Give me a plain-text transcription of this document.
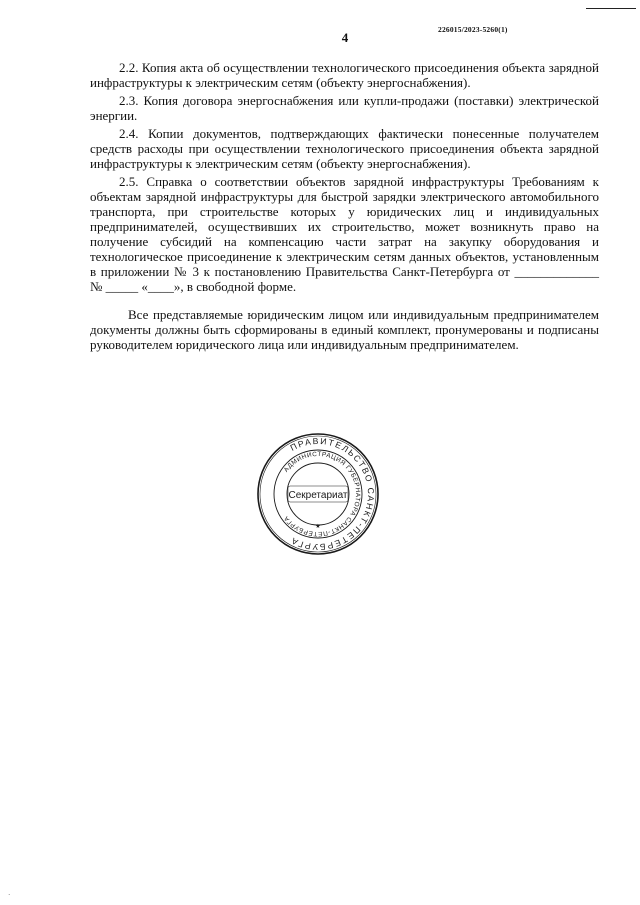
226015/2023-5260(1)
4

2.2. Копия акта об осуществлении технологического присоединения объекта зарядной инфраструктуры к электрическим сетям (объекту энергоснабжения).

2.3. Копия договора энергоснабжения или купли-продажи (поставки) электрической энергии.

2.4. Копии документов, подтверждающих фактически понесенные получателем средств расходы при осуществлении технологического присоединения объекта зарядной инфраструктуры к электрическим сетям (объекту энергоснабжения).

2.5. Справка о соответствии объектов зарядной инфраструктуры Требованиям к объектам зарядной инфраструктуры для быстрой зарядки электрического автомобильного транспорта, при строительстве которых у юридических лиц и индивидуальных предпринимателей, осуществивших их строительство, может возникнуть право на получение субсидий на компенсацию части затрат на закупку оборудования и технологическое присоединение к электрическим сетям данных объектов, установленным в приложении № 3 к постановлению Правительства Санкт-Петербурга от _____________ № _____ «____», в свободной форме.

Все представляемые юридическим лицом или индивидуальным предпринимателем документы должны быть сформированы в единый комплект, пронумерованы и подписаны руководителем юридического лица или индивидуальным предпринимателем.

ПРАВИТЕЛЬСТВО САНКТ-ПЕТЕРБУРГА
АДМИНИСТРАЦИЯ ГУБЕРНАТОРА САНКТ-ПЕТЕРБУРГА
Секретариат
★
·
